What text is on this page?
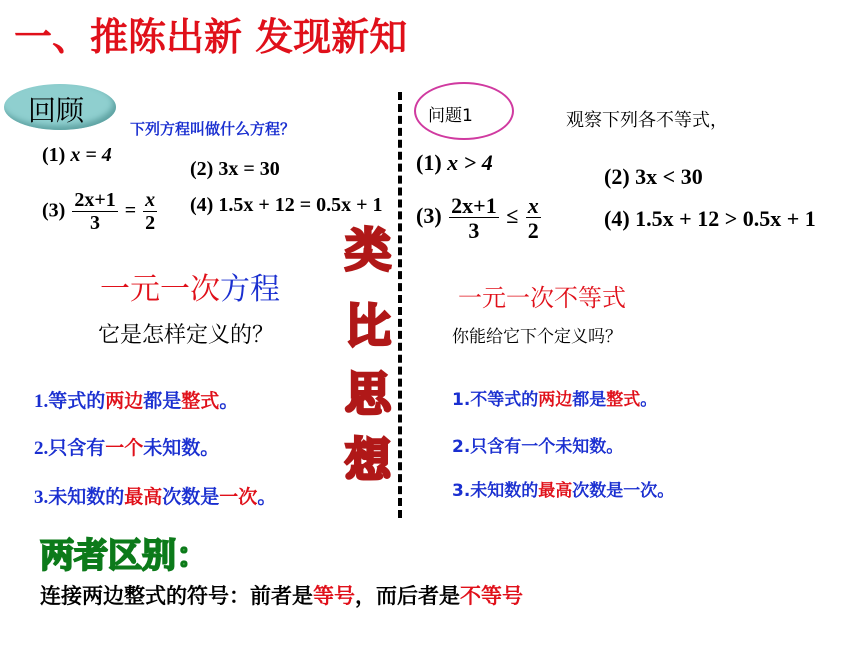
一、推陈出新 发现新知
回顾
下列方程叫做什么方程？
(1) x = 4
(2) 3x = 30
$(3) \frac{2x+1}{3} = \frac{x}{2} (4) 1.5x + 12 = 0.5x + 1$
一元一次方程
它是怎样定义的？
1.等式的两边都是整式。
2.只含有一个未知数。
3.未知数的最高次数是一次。
类
比
思
想
问题1	观察下列各不等式，
(1) x > 4
(2) 3x < 30
$(3) \frac{2x+1}{3} \le \frac{x}{2}$	(4) 1.5x + 12 > 0.5x + 1
一元一次不等式
你能给它下个定义吗？
1.不等式的两边都是整式。
2.只含有一个未知数。
3.未知数的最高次数是一次。
两者区别：
连接两边整式的符号：前者是等号，而后者是不等号
